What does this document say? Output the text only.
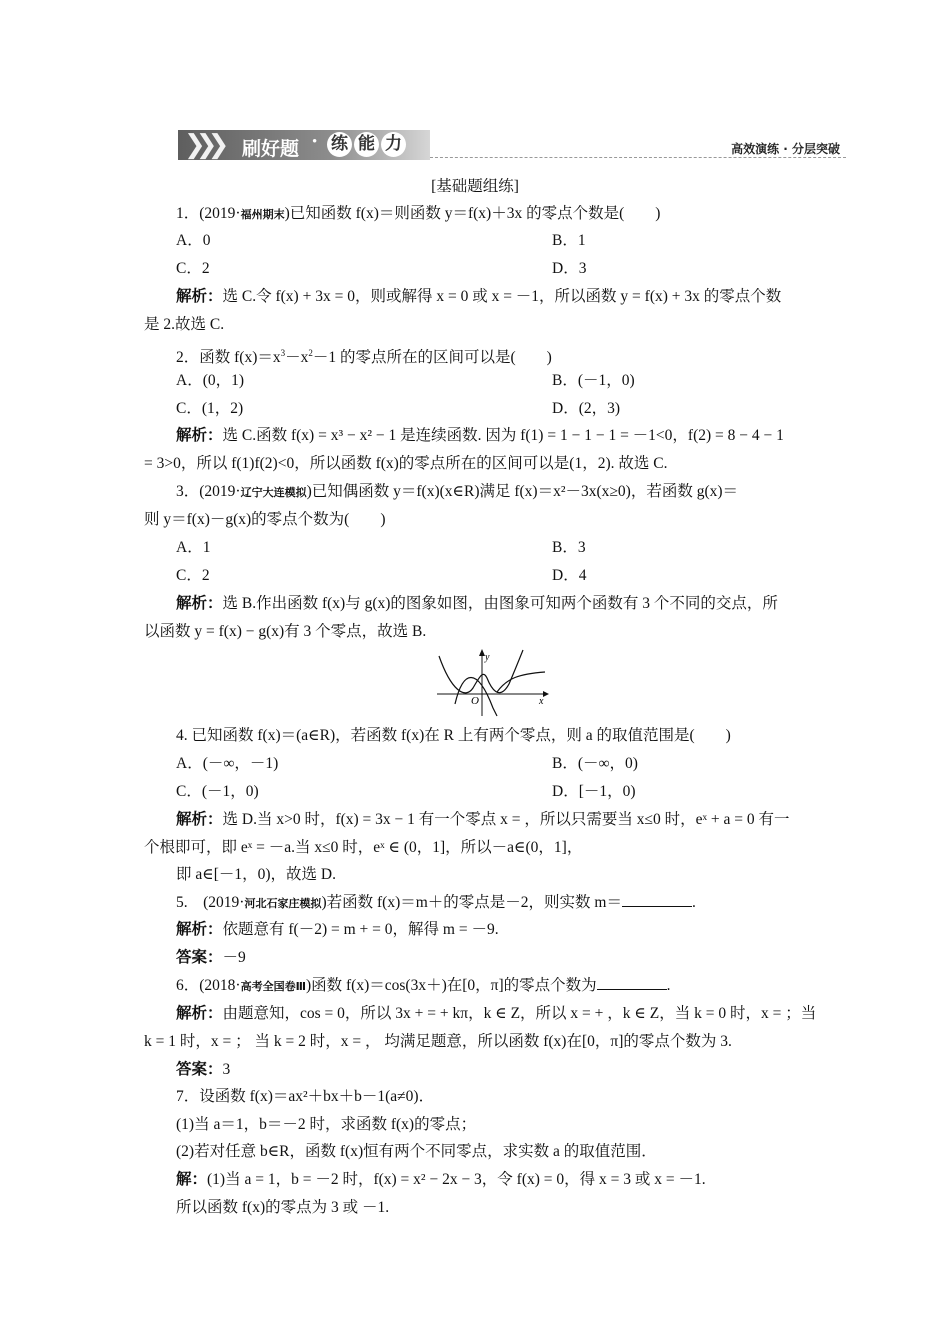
❯❯❯ 刷好题 • 练 能 力	高效演练 · 分层突破
[基础题组练]
1．(2019·福州期末)已知函数 f(x)＝则函数 y＝f(x)＋3x 的零点个数是(　　)
A．0	B．1
C．2	D．3
解析：选 C.令 f(x) + 3x = 0，则或解得 x = 0 或 x = －1，所以函数 y = f(x) + 3x 的零点个数
是 2.故选 C.
2．函数 $f(x)=x^3-x^2-1$ 的零点所在的区间可以是(　　)
A．(0，1)	B．(－1，0)
C．(1，2)	D．(2，3)
解析：选 C.函数 f(x) = x³ − x² − 1 是连续函数. 因为 f(1) = 1 − 1 − 1 = －1<0，f(2) = 8 − 4 − 1
= 3>0，所以 f(1)f(2)<0，所以函数 f(x)的零点所在的区间可以是(1，2). 故选 C.
3．(2019·辽宁大连模拟)已知偶函数 y＝f(x)(x∈R)满足 f(x)＝x²－3x(x≥0)，若函数 g(x)＝
则 y＝f(x)－g(x)的零点个数为(　　)
A．1	B．3
C．2	D．4
解析：选 B.作出函数 f(x)与 g(x)的图象如图，由图象可知两个函数有 3 个不同的交点，所
以函数 y = f(x) − g(x)有 3 个零点，故选 B.
y
O	x
4. 已知函数 f(x)＝(a∈R)，若函数 f(x)在 R 上有两个零点，则 a 的取值范围是(　　)
A．(－∞，－1)	B．(－∞，0)
C．(－1，0)	D．[－1，0)
解析：选 D.当 x>0 时，f(x) = 3x − 1 有一个零点 x = ，所以只需要当 x≤0 时，eˣ + a = 0 有一
个根即可，即 eˣ = －a.当 x≤0 时，eˣ ∈ (0，1]，所以－a∈(0，1]，
即 a∈[－1，0)，故选 D.
5.　(2019·河北石家庄模拟)若函数 f(x)＝m＋的零点是－2，则实数 m＝	.
解析：依题意有 f(－2) = m + = 0，解得 m = －9.
答案：－9
6．(2018·高考全国卷Ⅲ)函数 f(x)＝cos(3x＋)在[0，π]的零点个数为	.
解析：由题意知，cos = 0，所以 3x + = + kπ，k ∈ Z，所以 x = + ，k ∈ Z，当 k = 0 时，x = ；当
k = 1 时，x = ； 当 k = 2 时，x = ， 均满足题意，所以函数 f(x)在[0，π]的零点个数为 3.
答案：3
7．设函数 f(x)＝ax²＋bx＋b－1(a≠0)．
(1)当 a＝1，b＝－2 时，求函数 f(x)的零点；
(2)若对任意 b∈R，函数 f(x)恒有两个不同零点，求实数 a 的取值范围．
解：(1)当 a = 1，b = －2 时，f(x) = x² − 2x − 3，令 f(x) = 0，得 x = 3 或 x = －1.
所以函数 f(x)的零点为 3 或 －1.
